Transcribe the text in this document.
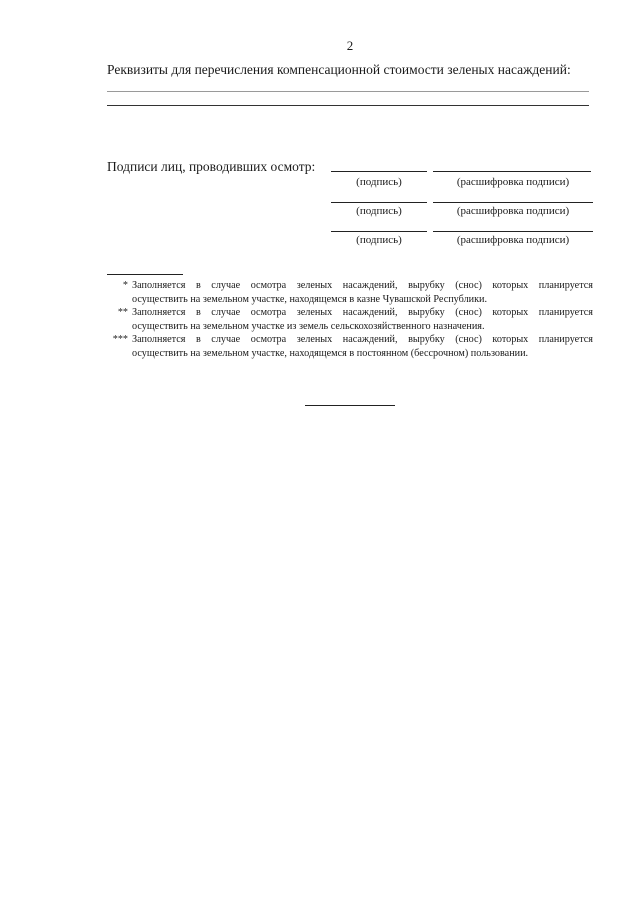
2
Реквизиты для перечисления компенсационной стоимости зеленых насаждений:
Подписи лиц, проводивших осмотр:
(подпись)	(расшифровка подписи)
(подпись)	(расшифровка подписи)
(подпись)	(расшифровка подписи)
* Заполняется в случае осмотра зеленых насаждений, вырубку (снос) которых планируется
осуществить на земельном участке, находящемся в казне Чувашской Республики.
** Заполняется в случае осмотра зеленых насаждений, вырубку (снос) которых планируется
осуществить на земельном участке из земель сельскохозяйственного назначения.
*** Заполняется в случае осмотра зеленых насаждений, вырубку (снос) которых планируется
осуществить на земельном участке, находящемся в постоянном (бессрочном) пользовании.
